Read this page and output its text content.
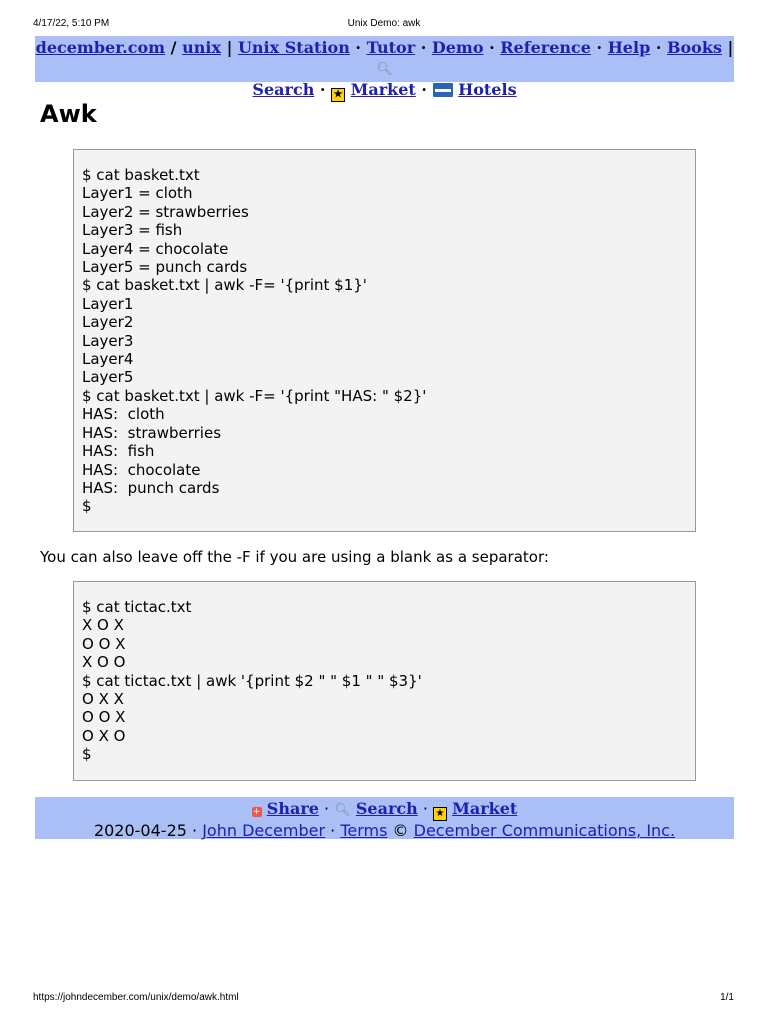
4/17/22, 5:10 PM	Unix Demo: awk
december.com / unix | Unix Station · Tutor · Demo · Reference · Help · Books | 🔍︎
Search · ★ Market · Hotels
Awk
$ cat basket.txt
Layer1 = cloth
Layer2 = strawberries
Layer3 = fish
Layer4 = chocolate
Layer5 = punch cards
$ cat basket.txt | awk -F= '{print $1}'
Layer1
Layer2
Layer3
Layer4
Layer5
$ cat basket.txt | awk -F= '{print "HAS: " $2}'
HAS:  cloth
HAS:  strawberries
HAS:  fish
HAS:  chocolate
HAS:  punch cards
$
You can also leave off the -F if you are using a blank as a separator:
$ cat tictac.txt
X O X
O O X
X O O
$ cat tictac.txt | awk '{print $2 " " $1 " " $3}'
O X X
O O X
O X O
$
+ Share · 🔍︎ Search · ★ Market
2020-04-25 · John December · Terms © December Communications, Inc.
https://johndecember.com/unix/demo/awk.html	1/1
